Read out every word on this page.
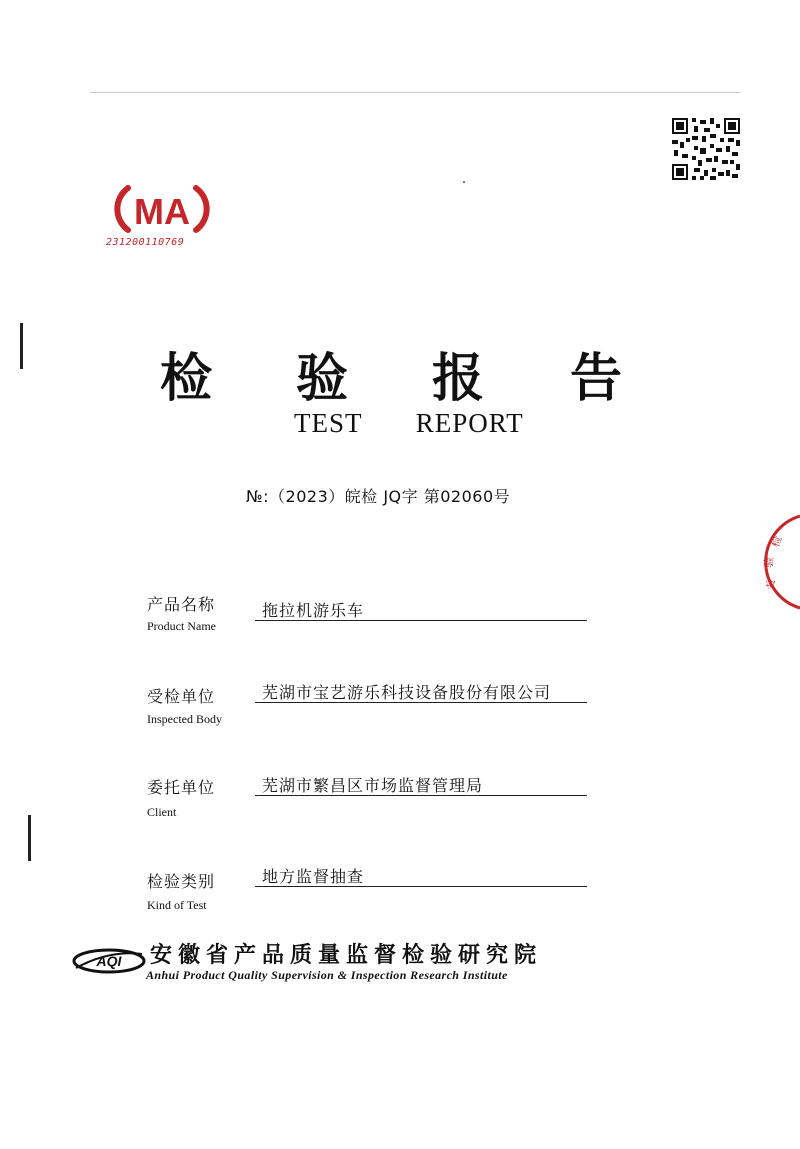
MA
231200110769
检
验
专
检 验 报 告
TEST REPORT
№:（2023）皖检 JQ字 第02060号
产品名称
Product Name
拖拉机游乐车
受检单位
Inspected Body
芜湖市宝艺游乐科技设备股份有限公司
委托单位
Client
芜湖市繁昌区市场监督管理局
检验类别
Kind of Test
地方监督抽查
AQI 安徽省产品质量监督检验研究院
Anhui Product Quality Supervision & Inspection Research Institute
